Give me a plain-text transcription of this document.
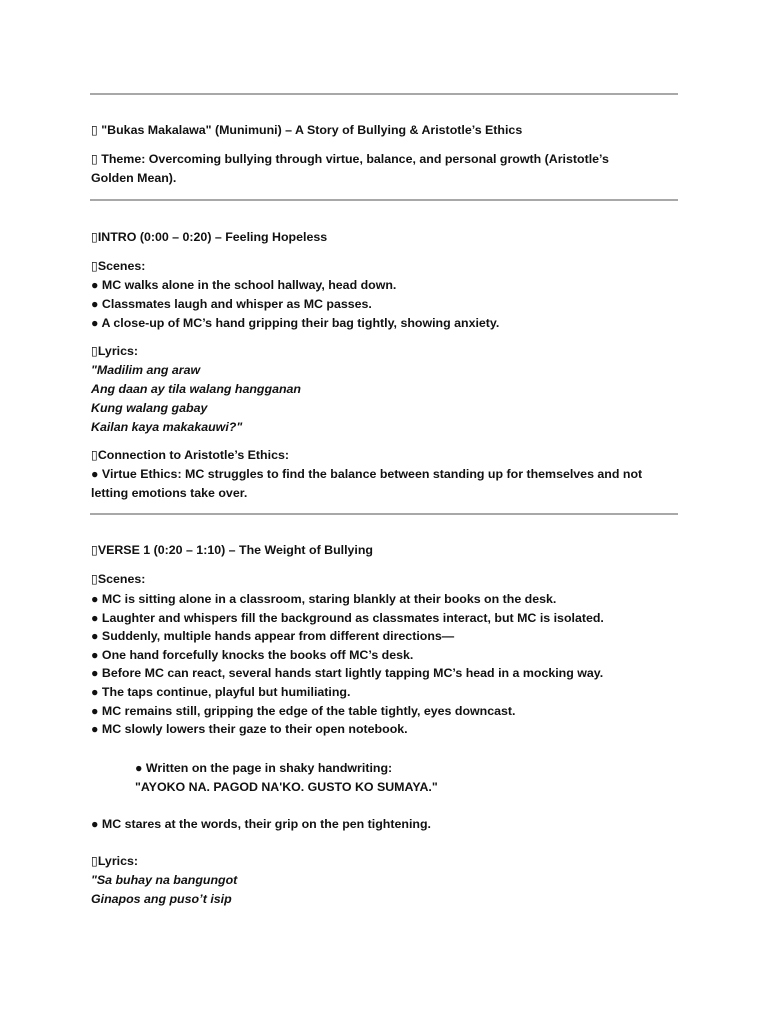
▯ "Bukas Makalawa" (Munimuni) – A Story of Bullying & Aristotle’s Ethics
▯ Theme: Overcoming bullying through virtue, balance, and personal growth (Aristotle’s Golden Mean).
▯INTRO (0:00 – 0:20) – Feeling Hopeless
▯Scenes:
● MC walks alone in the school hallway, head down.
● Classmates laugh and whisper as MC passes.
● A close-up of MC’s hand gripping their bag tightly, showing anxiety.
▯Lyrics:
"Madilim ang araw
Ang daan ay tila walang hangganan
Kung walang gabay
Kailan kaya makakauwi?"
▯Connection to Aristotle’s Ethics:
● Virtue Ethics: MC struggles to find the balance between standing up for themselves and not letting emotions take over.
▯VERSE 1 (0:20 – 1:10) – The Weight of Bullying
▯Scenes:
● MC is sitting alone in a classroom, staring blankly at their books on the desk.
● Laughter and whispers fill the background as classmates interact, but MC is isolated.
● Suddenly, multiple hands appear from different directions—
● One hand forcefully knocks the books off MC’s desk.
● Before MC can react, several hands start lightly tapping MC’s head in a mocking way.
● The taps continue, playful but humiliating.
● MC remains still, gripping the edge of the table tightly, eyes downcast.
● MC slowly lowers their gaze to their open notebook.
● Written on the page in shaky handwriting:
"AYOKO NA. PAGOD NA'KO. GUSTO KO SUMAYA."
● MC stares at the words, their grip on the pen tightening.
▯Lyrics:
"Sa buhay na bangungot
Ginapos ang puso’t isip
